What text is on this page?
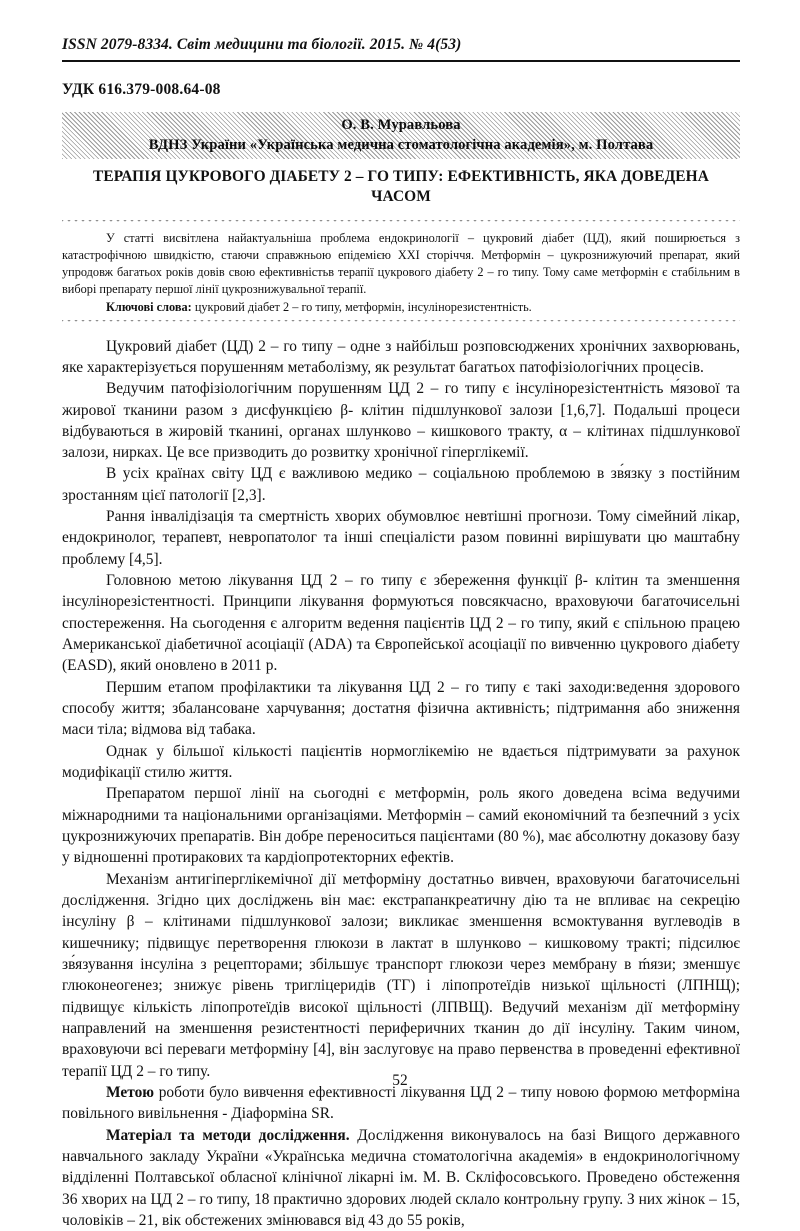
ISSN 2079-8334. Світ медицини та біології. 2015. № 4(53)
УДК 616.379-008.64-08
О. В. Муравльова
ВДНЗ України «Українська медична стоматологічна академія», м. Полтава
ТЕРАПІЯ ЦУКРОВОГО ДІАБЕТУ 2 – ГО ТИПУ: ЕФЕКТИВНІСТЬ, ЯКА ДОВЕДЕНА ЧАСОМ

У статті висвітлена найактуальніша проблема ендокринології – цукровий діабет (ЦД), який поширюється з катастрофічною швидкістю, стаючи справжньою епідемією ХХІ сторіччя. Метформін – цукрознижуючий препарат, який упродовж багатьох років довів свою ефективністьв терапії цукрового діабету 2 – го типу. Тому саме метформін є стабільним в виборі препарату першої лінії цукрознижувальної терапії.

Ключові слова: цукровий діабет 2 – го типу, метформін, інсулінорезистентність.

Цукровий діабет (ЦД) 2 – го типу – одне з найбільш розповсюджених хронічних захворювань, яке характерізується порушенням метаболізму, як результат багатьох патофізіологічних процесів.

Ведучим патофізіологічним порушенням ЦД 2 – го типу є інсулінорезістентність м́язової та жирової тканини разом з дисфункцією β- клітин підшлункової залози [1,6,7]. Подальші процеси відбуваються в жировій тканині, органах шлунково – кишкового тракту, α – клітинах підшлункової залози, нирках. Це все призводить до розвитку хронічної гіперглікемії.

В усіх країнах світу ЦД є важливою медико – соціальною проблемою в зв́язку з постійним зростанням цієї патології [2,3].

Рання інвалідізація та смертність хворих обумовлює невтішні прогнози. Тому сімейний лікар, ендокринолог, терапевт, невропатолог та інші спеціалісти разом повинні вирішувати цю маштабну проблему [4,5].

Головною метою лікування ЦД 2 – го типу є збереження функції β- клітин та зменшення інсулінорезістентності. Принципи лікування формуються повсякчасно, враховуючи багаточисельні спостереження. На сьогодення є алгоритм ведення пацієнтів ЦД 2 – го типу, який є спільною працею Американської діабетичної асоціації (ADA) та Європейської асоціації по вивченню цукрового діабету (EASD), який оновлено в 2011 р.

Першим етапом профілактики та лікування ЦД 2 – го типу є такі заходи:ведення здорового способу життя; збалансоване харчування; достатня фізична активність; підтримання або зниження маси тіла; відмова від табака.

Однак у більшої кількості пацієнтів нормоглікемію не вдається підтримувати за рахунок модифікації стилю життя.

Препаратом першої лінії на сьогодні є метформін, роль якого доведена всіма ведучими міжнародними та національними організаціями. Метформін – самий економічний та безпечний з усіх цукрознижуючих препаратів. Він добре переноситься пацієнтами (80 %), має абсолютну доказову базу у відношенні протиракових та кардіопротекторних ефектів.

Механізм антигіперглікемічної дії метформіну достатньо вивчен, враховуючи багаточисельні дослідження. Згідно цих досліджень він має: екстрапанкреатичну дію та не впливає на секрецію інсуліну β – клітинами підшлункової залози; викликає зменшення всмоктування вуглеводів в кишечнику; підвищує перетворення глюкози в лактат в шлунково – кишковому тракті; підсилює зв́язування інсуліна з рецепторами; збільшує транспорт глюкози через мембрану в ḿязи; зменшує глюконеогенез; знижує рівень тригліцеридів (ТГ) і ліпопротеїдів низької щільності (ЛПНЩ); підвищує кількість ліпопротеїдів високої щільності (ЛПВЩ). Ведучий механізм дії метформіну направлений на зменшення резистентності периферичних тканин до дії інсуліну. Таким чином, враховуючи всі переваги метформіну [4], він заслуговує на право первенства в проведенні ефективної терапії ЦД 2 – го типу.

Метою роботи було вивчення ефективності лікування ЦД 2 – типу новою формою метформіна повільного вивільнення - Діаформіна SR.

Матеріал та методи дослідження. Дослідження виконувалось на базі Вищого державного навчального закладу України «Українська медична стоматологічна академія» в ендокринологічному відділенні Полтавської обласної клінічної лікарні ім. М. В. Скліфосовського. Проведено обстеження 36 хворих на ЦД 2 – го типу, 18 практично здорових людей склало контрольну групу. З них жінок – 15, чоловіків – 21, вік обстежених змінювався від 43 до 55 років,

52
